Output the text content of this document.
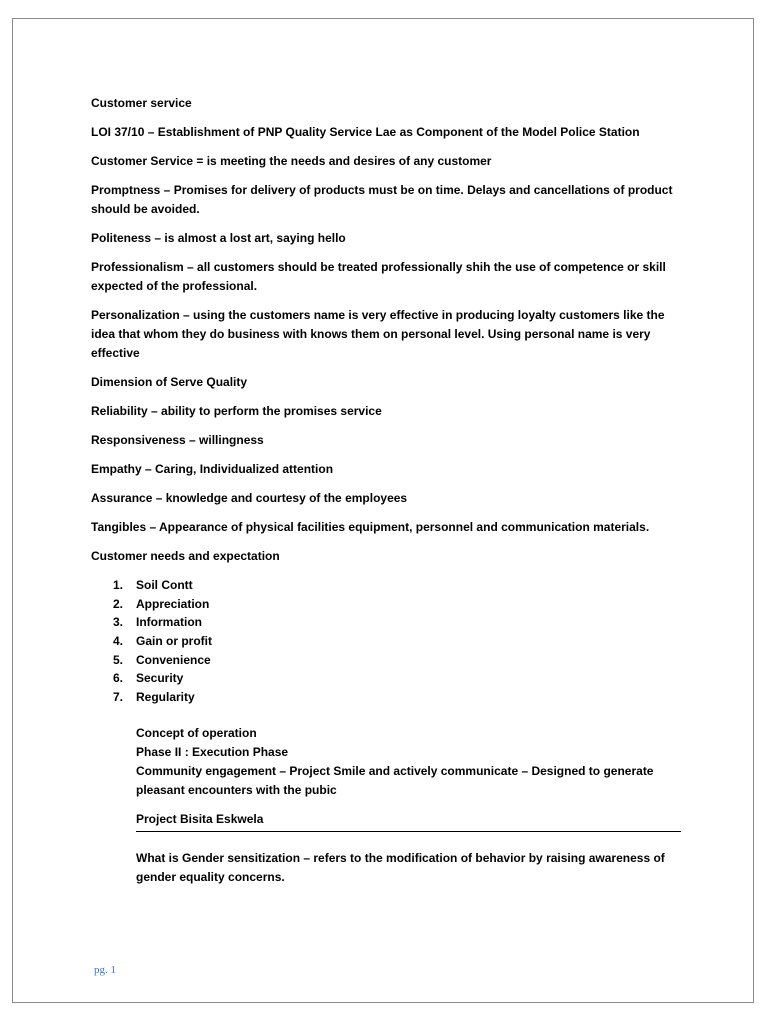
Customer service

LOI 37/10 – Establishment of PNP Quality Service Lae as Component of the Model Police Station

Customer Service = is meeting the needs and desires of any customer

Promptness – Promises for delivery of products must be on time. Delays and cancellations of product should be avoided.

Politeness – is almost a lost art, saying hello

Professionalism – all customers should be treated professionally shih the use of competence or skill expected of the professional.

Personalization – using the customers name is very effective in producing loyalty customers like the idea that whom they do business with knows them on personal level. Using personal name is very effective

Dimension of Serve Quality

Reliability – ability to perform the promises service

Responsiveness – willingness

Empathy – Caring, Individualized attention

Assurance – knowledge and courtesy of the employees

Tangibles – Appearance of physical facilities equipment, personnel and communication materials.

Customer needs and expectation

1. Soil Contt
2. Appreciation
3. Information
4. Gain or profit
5. Convenience
6. Security
7. Regularity

Concept of operation

Phase II : Execution Phase

Community engagement – Project Smile and actively communicate – Designed to generate pleasant encounters with the pubic

Project Bisita Eskwela

What is Gender sensitization – refers to the modification of behavior by raising awareness of gender equality concerns.

pg. 1
